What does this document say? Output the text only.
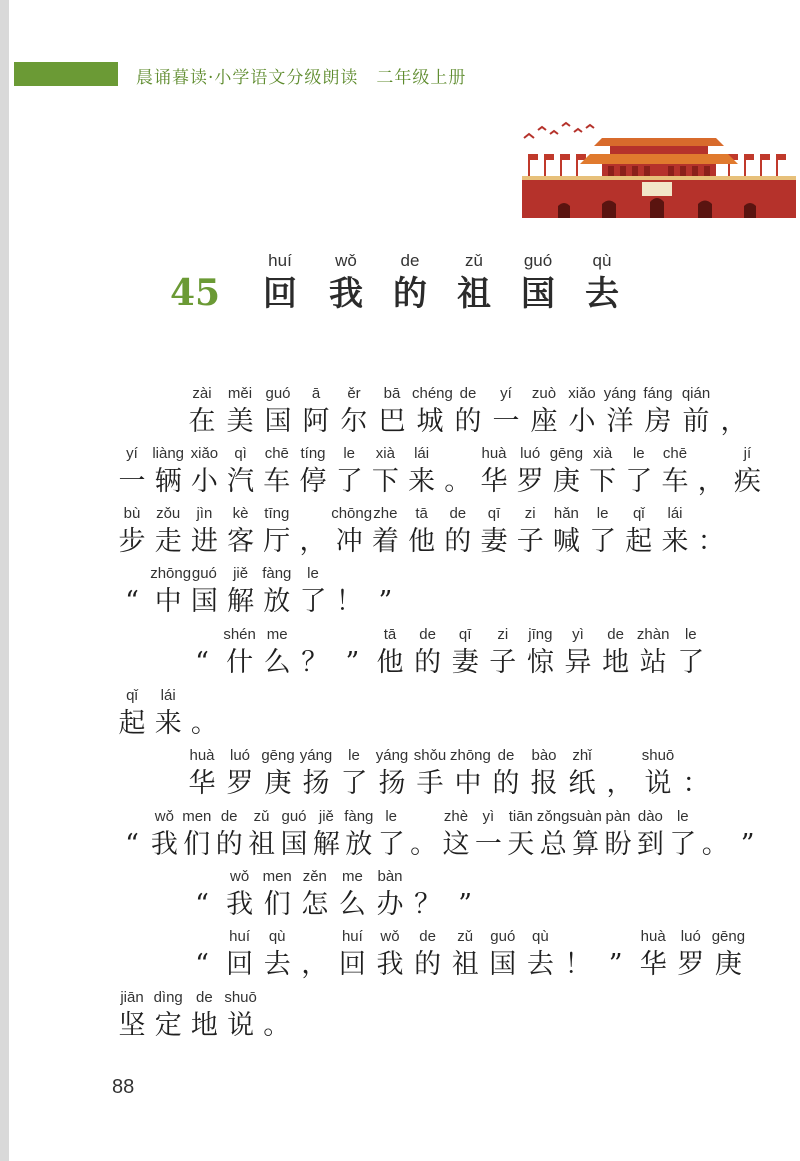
晨诵暮读·小学语文分级朗读　二年级上册
45
huí
回
wǒ
我
de
的
zǔ
祖
guó
国
qù
去
zài
在
měi
美
guó
国
ā
阿
ěr
尔
bā
巴
chéng
城
de
的
yí
一
zuò
座
xiǎo
小
yáng
洋
fáng
房
qián
前 ，
yí
一
liàng
辆
xiǎo
小
qì
汽
chē
车
tíng
停
le
了
xià
下
lái
来 。
huà
华
luó
罗
gēng
庚
xià
下
le
了
chē
车 ，
jí
疾
bù
步
zǒu
走
jìn
进
kè
客
tīng
厅 ，
chōng
冲
zhe
着
tā
他
de
的
qī
妻
zi
子
hǎn
喊
le
了
qǐ
起
lái
来 ：
“
zhōng
中
guó
国
jiě
解
fàng
放
le
了 ！ ”
“
shén
什
me
么 ？ ”
tā
他
de
的
qī
妻
zi
子
jīng
惊
yì
异
de
地
zhàn
站
le
了
qǐ
起
lái
来 。
huà
华
luó
罗
gēng
庚
yáng
扬
le
了
yáng
扬
shǒu
手
zhōng
中
de
的
bào
报
zhǐ
纸 ，
shuō
说 ：
“
wǒ
我
men
们
de
的
zǔ
祖
guó
国
jiě
解
fàng
放
le
了 。
zhè
这
yì
一
tiān
天
zǒng
总
suàn
算
pàn
盼
dào
到
le
了 。 ”
“
wǒ
我
men
们
zěn
怎
me
么
bàn
办 ？ ”
“
huí
回
qù
去 ，
huí
回
wǒ
我
de
的
zǔ
祖
guó
国
qù
去 ！ ”
huà
华
luó
罗
gēng
庚
jiān
坚
dìng
定
de
地
shuō
说 。
88
